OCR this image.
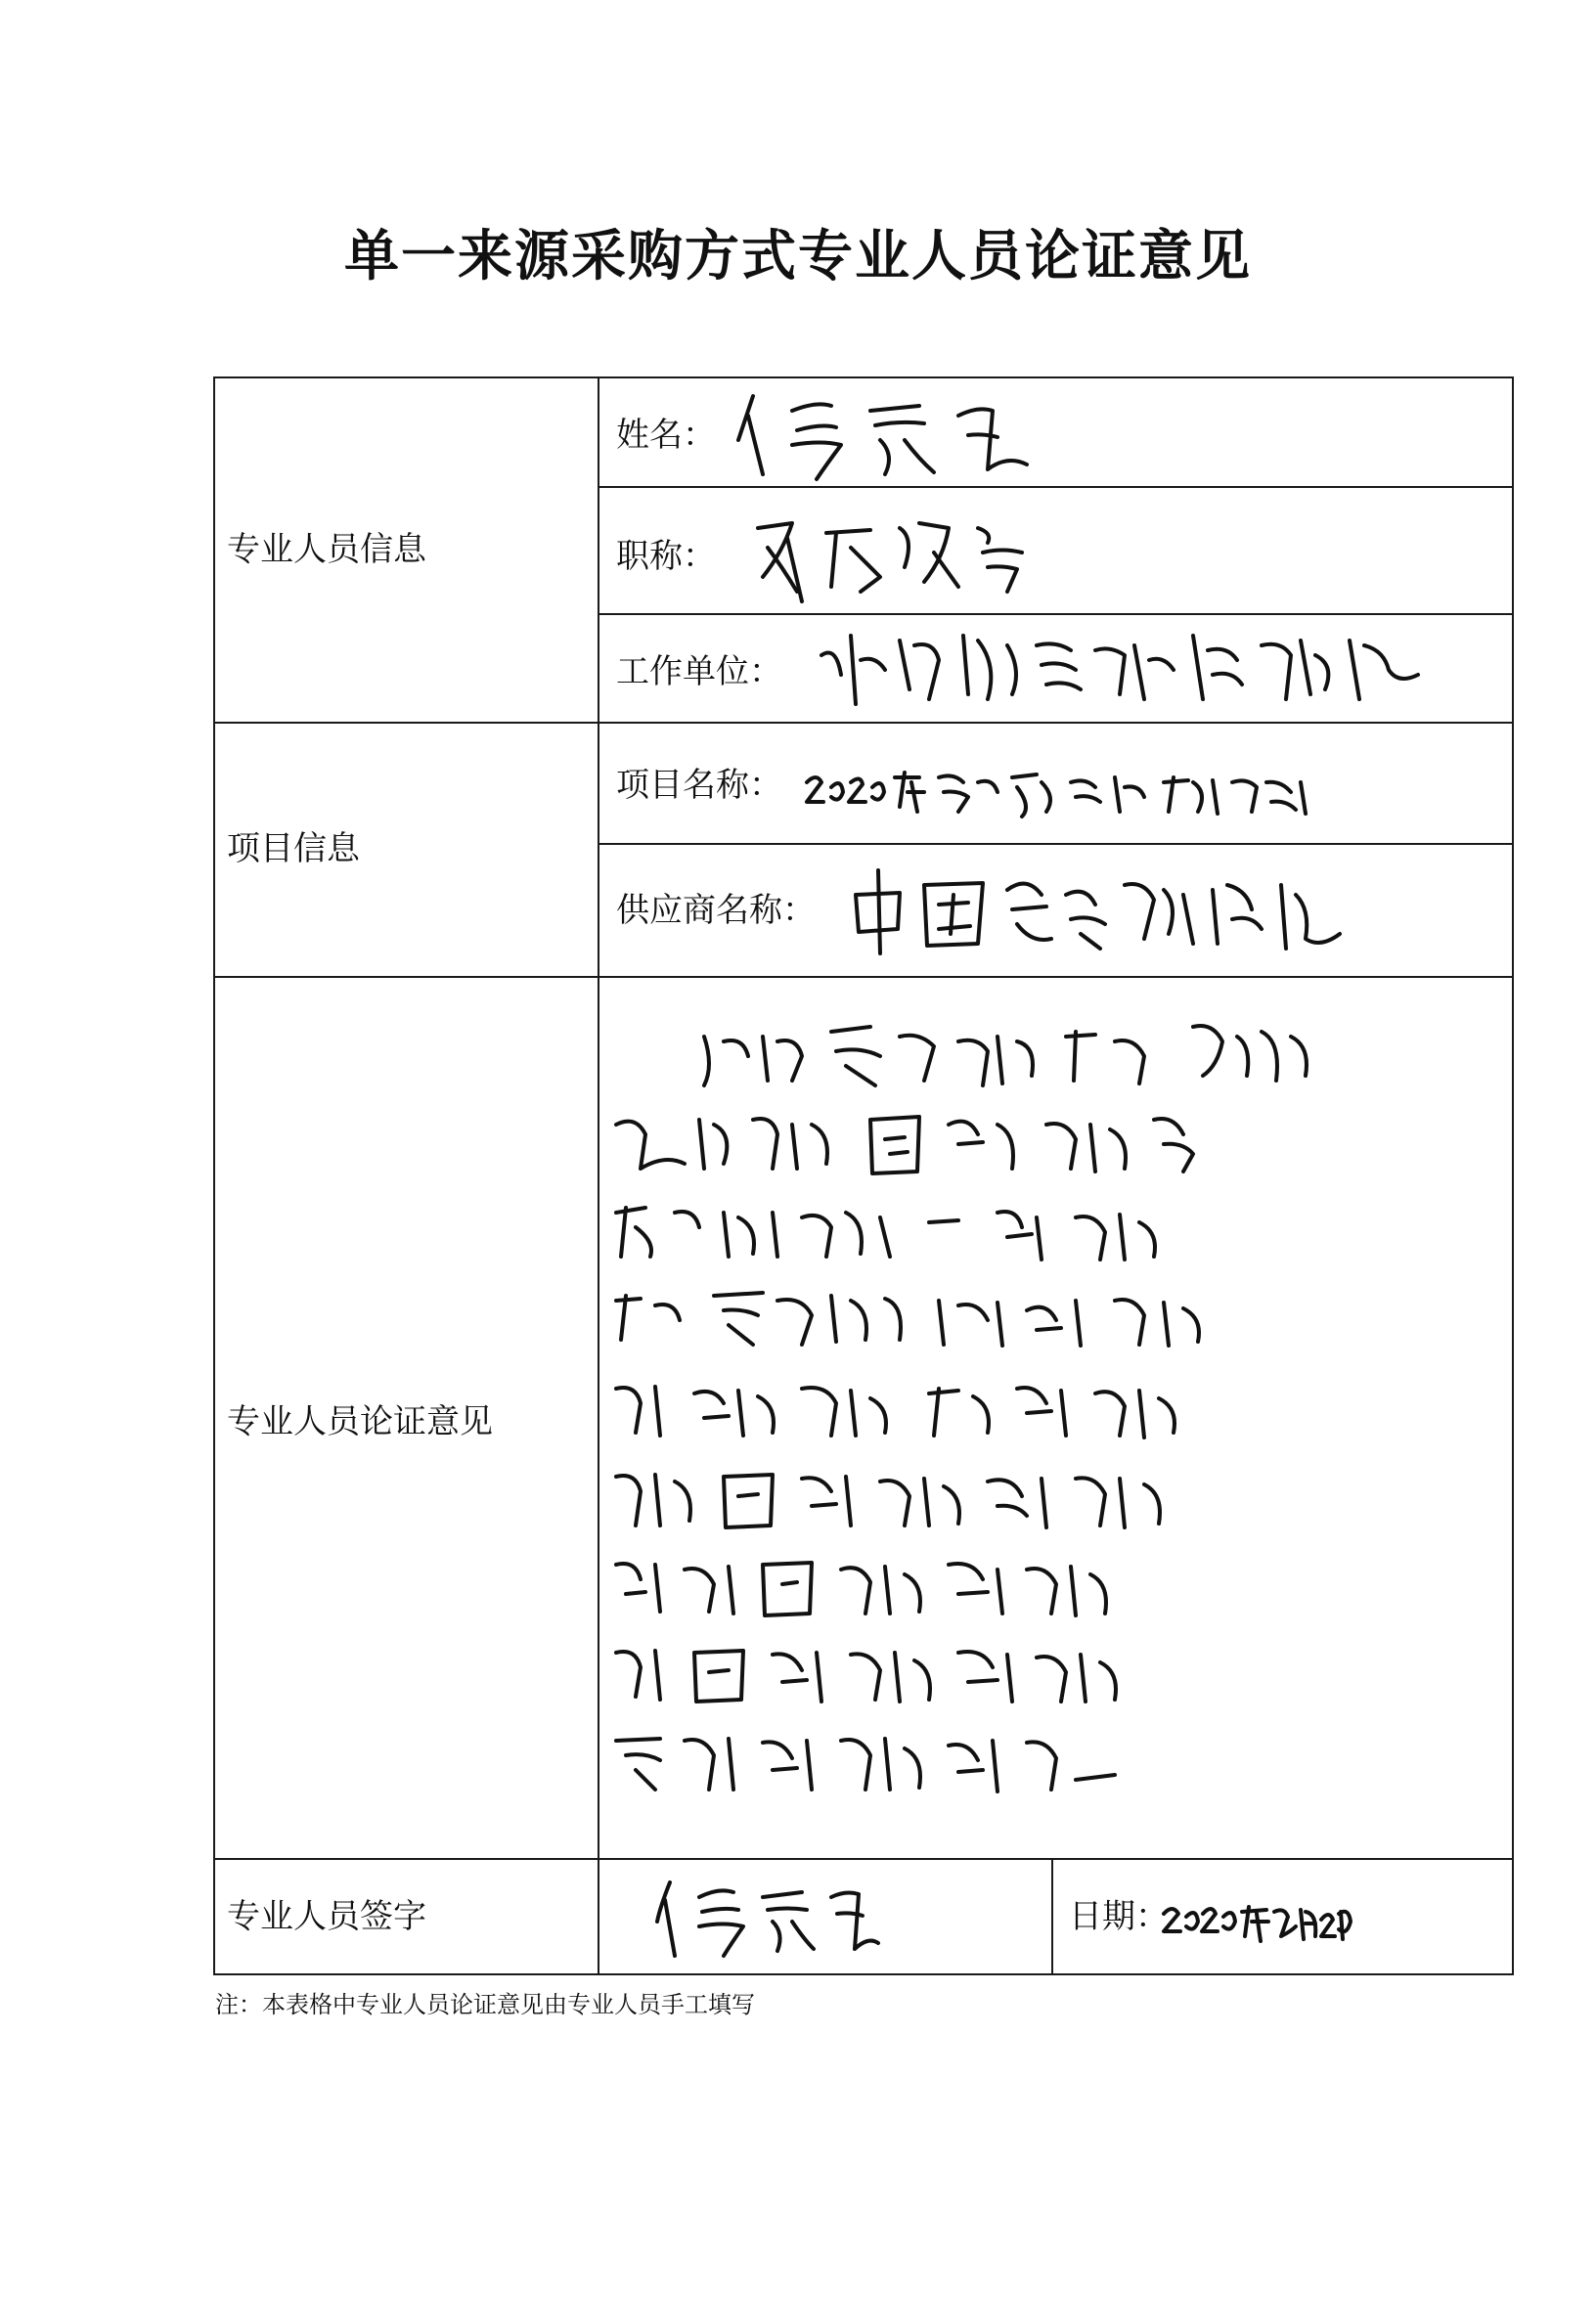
单一来源采购方式专业人员论证意见
专业人员信息
项目信息
专业人员论证意见
专业人员签字
姓名：
职称：
工作单位：
项目名称：
供应商名称：
日期：
注：本表格中专业人员论证意见由专业人员手工填写
